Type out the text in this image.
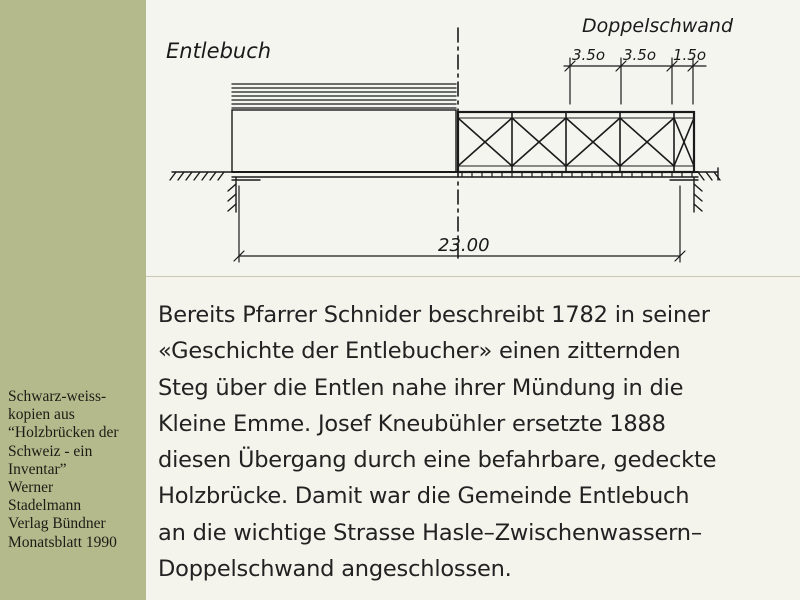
Schwarz-weiss-
kopien aus
“Holzbrücken der
Schweiz - ein
Inventar”
Werner
Stadelmann
Verlag Bündner
Monatsblatt 1990

Entlebuch
Doppelschwand
3.5o 3.5o 1.5o
23.00

Bereits Pfarrer Schnider beschreibt 1782 in seiner
«Geschichte der Entlebucher» einen zitternden
Steg über die Entlen nahe ihrer Mündung in die
Kleine Emme. Josef Kneubühler ersetzte 1888
diesen Übergang durch eine befahrbare, gedeckte
Holzbrücke. Damit war die Gemeinde Entlebuch
an die wichtige Strasse Hasle–Zwischenwassern–
Doppelschwand angeschlossen.
